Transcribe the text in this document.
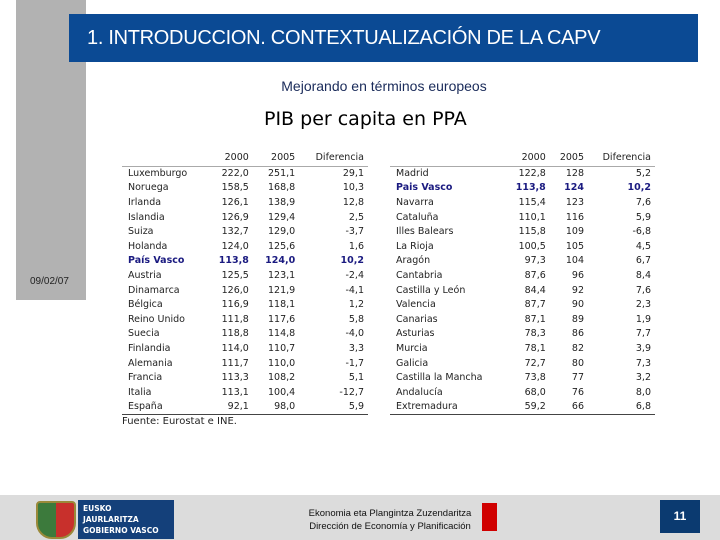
1. INTRODUCCION. CONTEXTUALIZACIÓN DE LA CAPV
09/02/07
Mejorando en términos europeos
PIB per capita en PPA
	2000	2005	Diferencia
Luxemburgo	222,0	251,1	29,1
Noruega	158,5	168,8	10,3
Irlanda	126,1	138,9	12,8
Islandia	126,9	129,4	2,5
Suiza	132,7	129,0	-3,7
Holanda	124,0	125,6	1,6
País Vasco	113,8	124,0	10,2
Austria	125,5	123,1	-2,4
Dinamarca	126,0	121,9	-4,1
Bélgica	116,9	118,1	1,2
Reino Unido	111,8	117,6	5,8
Suecia	118,8	114,8	-4,0
Finlandia	114,0	110,7	3,3
Alemania	111,7	110,0	-1,7
Francia	113,3	108,2	5,1
Italia	113,1	100,4	-12,7
España	92,1	98,0	5,9
	2000	2005	Diferencia
Madrid	122,8	128	5,2
Pais Vasco	113,8	124	10,2
Navarra	115,4	123	7,6
Cataluña	110,1	116	5,9
Illes Balears	115,8	109	-6,8
La Rioja	100,5	105	4,5
Aragón	97,3	104	6,7
Cantabria	87,6	96	8,4
Castilla y León	84,4	92	7,6
Valencia	87,7	90	2,3
Canarias	87,1	89	1,9
Asturias	78,3	86	7,7
Murcia	78,1	82	3,9
Galicia	72,7	80	7,3
Castilla la Mancha	73,8	77	3,2
Andalucía	68,0	76	8,0
Extremadura	59,2	66	6,8
Fuente: Eurostat e INE.
EUSKO JAURLARITZA
GOBIERNO VASCO
Ekonomia eta Plangintza Zuzendaritza
Dirección de Economía y Planificación
11
